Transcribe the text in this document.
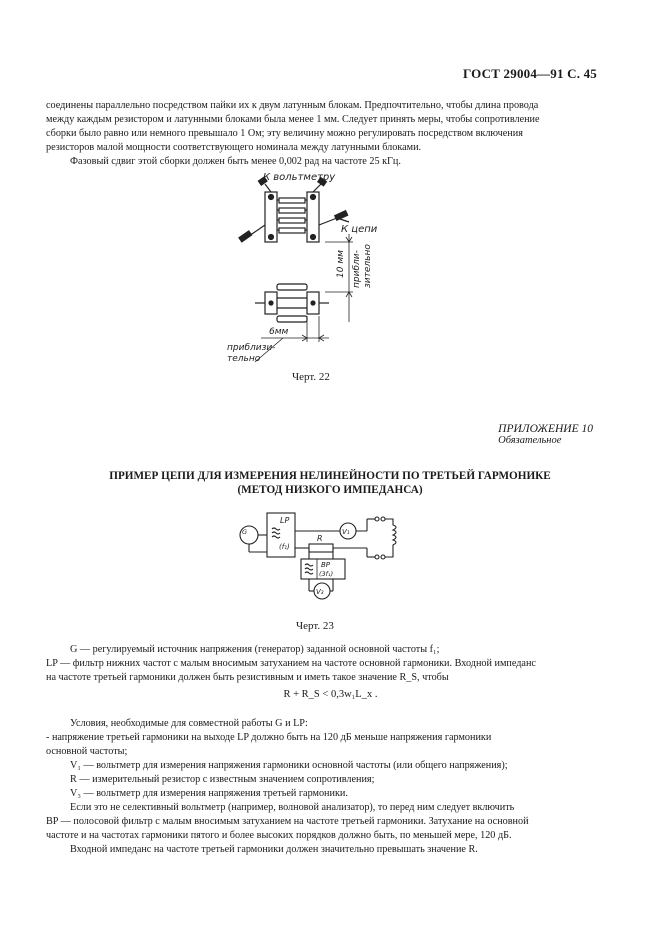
ГОСТ 29004—91 С. 45

соединены параллельно посредством пайки их к двум латунным блокам. Предпочтительно, чтобы длина провода

между каждым резистором и латунными блоками была менее 1 мм. Следует принять меры, чтобы сопротивление

сборки было равно или немного превышало 1 Ом; эту величину можно регулировать посредством включения

резисторов малой мощности соответствующего номинала между латунными блоками.

Фазовый сдвиг этой сборки должен быть менее 0,002 рад на частоте 25 кГц.

К вольтметру
К цепи
10 мм прибли- зительно
6мм
приблизи-
тельно
Черт. 22
ПРИЛОЖЕНИЕ 10
Обязательное
ПРИМЕР ЦЕПИ ДЛЯ ИЗМЕРЕНИЯ НЕЛИНЕЙНОСТИ ПО ТРЕТЬЕЙ ГАРМОНИКЕ
(МЕТОД НИЗКОГО ИМПЕДАНСА)
G
LP
(f₁)
R
V₁
BP
(3f₁)
V₃
Черт. 23

G — регулируемый источник напряжения (генератор) заданной основной частоты f₁;

LP — фильтр нижних частот с малым вносимым затуханием на частоте основной гармоники. Входной импеданс

на частоте третьей гармоники должен быть резистивным и иметь такое значение R_S, чтобы

R + R_S < 0,3w₁L_x .

Условия, необходимые для совместной работы G и LP:

- напряжение третьей гармоники на выходе LP должно быть на 120 дБ меньше напряжения гармоники

основной частоты;

V₁ — вольтметр для измерения напряжения гармоники основной частоты (или общего напряжения);

R — измерительный резистор с известным значением сопротивления;

V₃ — вольтметр для измерения напряжения третьей гармоники.

Если это не селективный вольтметр (например, волновой анализатор), то перед ним следует включить

BP — полосовой фильтр с малым вносимым затуханием на частоте третьей гармоники. Затухание на основной

частоте и на частотах гармоники пятого и более высоких порядков должно быть, по меньшей мере, 120 дБ.

Входной импеданс на частоте третьей гармоники должен значительно превышать значение R.
